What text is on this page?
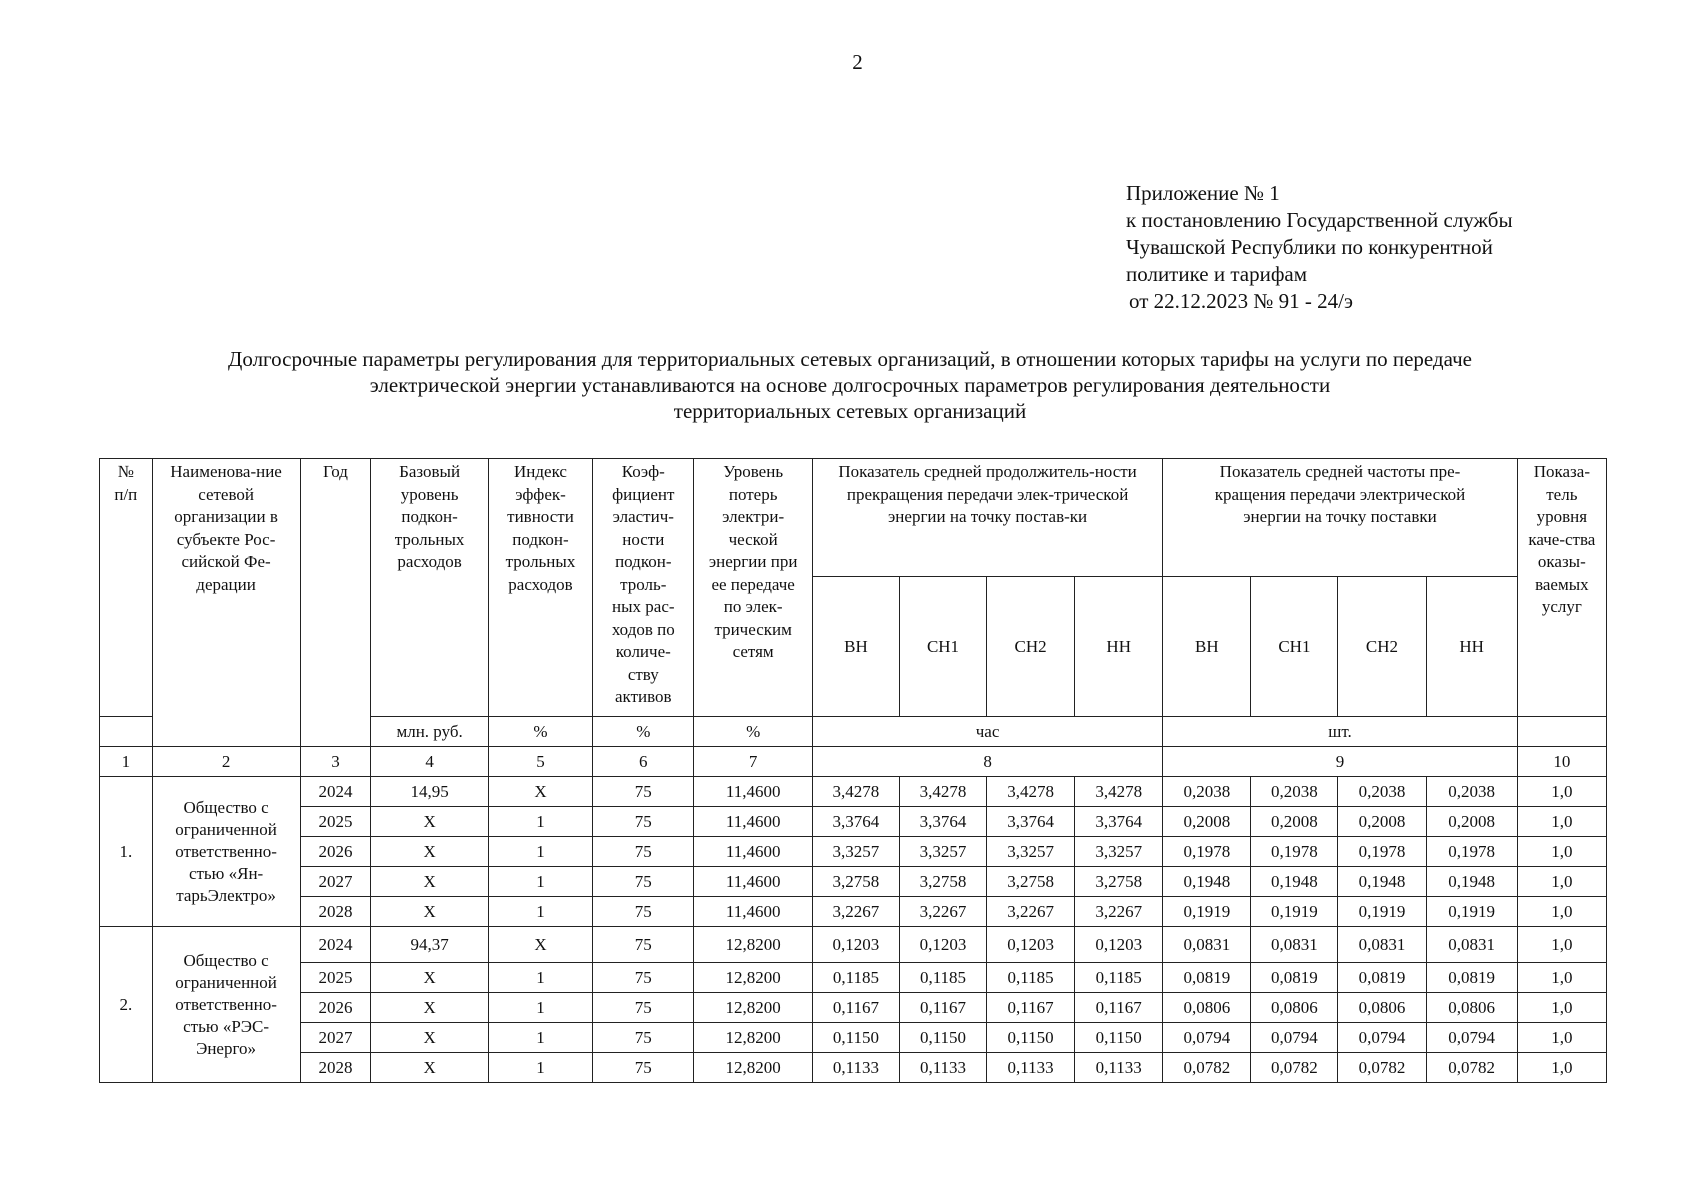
2
Приложение № 1
к постановлению Государственной службы
Чувашской Республики по конкурентной
политике и тарифам
от 22.12.2023 № 91 - 24/э
Долгосрочные параметры регулирования для территориальных сетевых организаций, в отношении которых тарифы на услуги по передаче
электрической энергии устанавливаются на основе долгосрочных параметров регулирования деятельности
территориальных сетевых организаций
№ п/п	Наименова-ние сетевой организации в субъекте Рос-сийской Фе-дерации	Год	Базовый уровень подкон-трольных расходов	Индекс эффек-тивности подкон-трольных расходов	Коэф-фициент эластич-ности подкон-троль-ных рас-ходов по количе-ству активов	Уровень потерь электри-ческой энергии при ее передаче по элек-трическим сетям	Показатель средней продолжитель-ности прекращения передачи элек-трической энергии на точку постав-ки				Показатель средней частоты пре-кращения передачи электрической энергии на точку поставки				Показа-тель уровня каче-ства оказы-ваемых услуг
							ВН	СН1	СН2	НН	ВН	СН1	СН2	НН	
			млн. руб.	%	%	%	час				шт.				
1	2	3	4	5	6	7	8				9				10
1.	Общество с ограниченной ответственно-стью «Ян-тарьЭлектро»	2024	14,95	X	75	11,4600	3,4278	3,4278	3,4278	3,4278	0,2038	0,2038	0,2038	0,2038	1,0
		2025	X	1	75	11,4600	3,3764	3,3764	3,3764	3,3764	0,2008	0,2008	0,2008	0,2008	1,0
		2026	X	1	75	11,4600	3,3257	3,3257	3,3257	3,3257	0,1978	0,1978	0,1978	0,1978	1,0
		2027	X	1	75	11,4600	3,2758	3,2758	3,2758	3,2758	0,1948	0,1948	0,1948	0,1948	1,0
		2028	X	1	75	11,4600	3,2267	3,2267	3,2267	3,2267	0,1919	0,1919	0,1919	0,1919	1,0
2.	Общество с ограниченной ответственно-стью «РЭС-Энерго»	2024	94,37	X	75	12,8200	0,1203	0,1203	0,1203	0,1203	0,0831	0,0831	0,0831	0,0831	1,0
		2025	X	1	75	12,8200	0,1185	0,1185	0,1185	0,1185	0,0819	0,0819	0,0819	0,0819	1,0
		2026	X	1	75	12,8200	0,1167	0,1167	0,1167	0,1167	0,0806	0,0806	0,0806	0,0806	1,0
		2027	X	1	75	12,8200	0,1150	0,1150	0,1150	0,1150	0,0794	0,0794	0,0794	0,0794	1,0
		2028	X	1	75	12,8200	0,1133	0,1133	0,1133	0,1133	0,0782	0,0782	0,0782	0,0782	1,0
